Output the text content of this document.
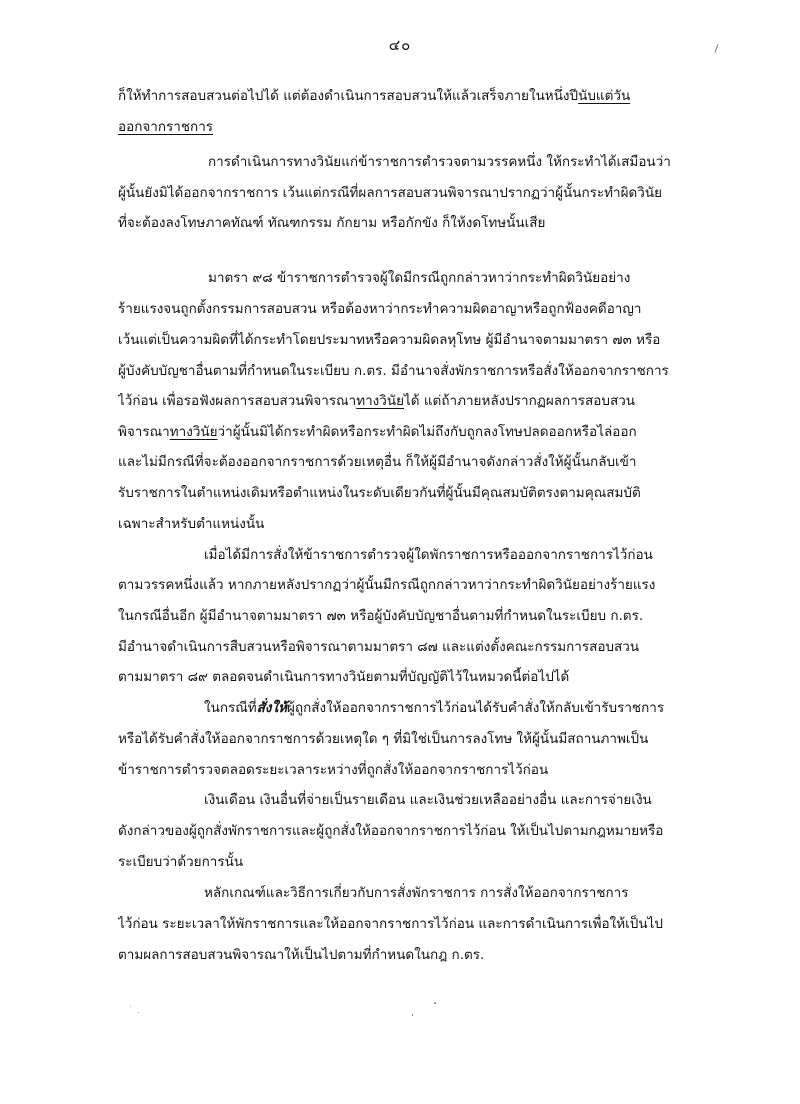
๔๐
ก็ให้ทำการสอบสวนต่อไปได้ แต่ต้องดำเนินการสอบสวนให้แล้วเสร็จภายในหนึ่งปีนับแต่วัน
ออกจากราชการ
การดำเนินการทางวินัยแก่ข้าราชการตำรวจตามวรรคหนึ่ง ให้กระทำได้เสมือนว่า
ผู้นั้นยังมิได้ออกจากราชการ เว้นแต่กรณีที่ผลการสอบสวนพิจารณาปรากฏว่าผู้นั้นกระทำผิดวินัย
ที่จะต้องลงโทษภาคทัณฑ์ ทัณฑกรรม กักยาม หรือกักขัง ก็ให้งดโทษนั้นเสีย
มาตรา ๙๘ ข้าราชการตำรวจผู้ใดมีกรณีถูกกล่าวหาว่ากระทำผิดวินัยอย่าง
ร้ายแรงจนถูกตั้งกรรมการสอบสวน หรือต้องหาว่ากระทำความผิดอาญาหรือถูกฟ้องคดีอาญา
เว้นแต่เป็นความผิดที่ได้กระทำโดยประมาทหรือความผิดลหุโทษ ผู้มีอำนาจตามมาตรา ๗๓ หรือ
ผู้บังคับบัญชาอื่นตามที่กำหนดในระเบียบ ก.ตร. มีอำนาจสั่งพักราชการหรือสั่งให้ออกจากราชการ
ไว้ก่อน เพื่อรอฟังผลการสอบสวนพิจารณาทางวินัยได้ แต่ถ้าภายหลังปรากฏผลการสอบสวน
พิจารณาทางวินัยว่าผู้นั้นมิได้กระทำผิดหรือกระทำผิดไม่ถึงกับถูกลงโทษปลดออกหรือไล่ออก
และไม่มีกรณีที่จะต้องออกจากราชการด้วยเหตุอื่น ก็ให้ผู้มีอำนาจดังกล่าวสั่งให้ผู้นั้นกลับเข้า
รับราชการในตำแหน่งเดิมหรือตำแหน่งในระดับเดียวกันที่ผู้นั้นมีคุณสมบัติตรงตามคุณสมบัติ
เฉพาะสำหรับตำแหน่งนั้น
เมื่อได้มีการสั่งให้ข้าราชการตำรวจผู้ใดพักราชการหรือออกจากราชการไว้ก่อน
ตามวรรคหนึ่งแล้ว หากภายหลังปรากฏว่าผู้นั้นมีกรณีถูกกล่าวหาว่ากระทำผิดวินัยอย่างร้ายแรง
ในกรณีอื่นอีก ผู้มีอำนาจตามมาตรา ๗๓ หรือผู้บังคับบัญชาอื่นตามที่กำหนดในระเบียบ ก.ตร.
มีอำนาจดำเนินการสืบสวนหรือพิจารณาตามมาตรา ๘๗ และแต่งตั้งคณะกรรมการสอบสวน
ตามมาตรา ๘๙ ตลอดจนดำเนินการทางวินัยตามที่บัญญัติไว้ในหมวดนี้ต่อไปได้
ในกรณีที่สั่งให้ผู้ถูกสั่งให้ออกจากราชการไว้ก่อนได้รับคำสั่งให้กลับเข้ารับราชการ
หรือได้รับคำสั่งให้ออกจากราชการด้วยเหตุใด ๆ ที่มิใช่เป็นการลงโทษ ให้ผู้นั้นมีสถานภาพเป็น
ข้าราชการตำรวจตลอดระยะเวลาระหว่างที่ถูกสั่งให้ออกจากราชการไว้ก่อน
เงินเดือน เงินอื่นที่จ่ายเป็นรายเดือน และเงินช่วยเหลืออย่างอื่น และการจ่ายเงิน
ดังกล่าวของผู้ถูกสั่งพักราชการและผู้ถูกสั่งให้ออกจากราชการไว้ก่อน ให้เป็นไปตามกฎหมายหรือ
ระเบียบว่าด้วยการนั้น
หลักเกณฑ์และวิธีการเกี่ยวกับการสั่งพักราชการ การสั่งให้ออกจากราชการ
ไว้ก่อน ระยะเวลาให้พักราชการและให้ออกจากราชการไว้ก่อน และการดำเนินการเพื่อให้เป็นไป
ตามผลการสอบสวนพิจารณาให้เป็นไปตามที่กำหนดในกฎ ก.ตร.
